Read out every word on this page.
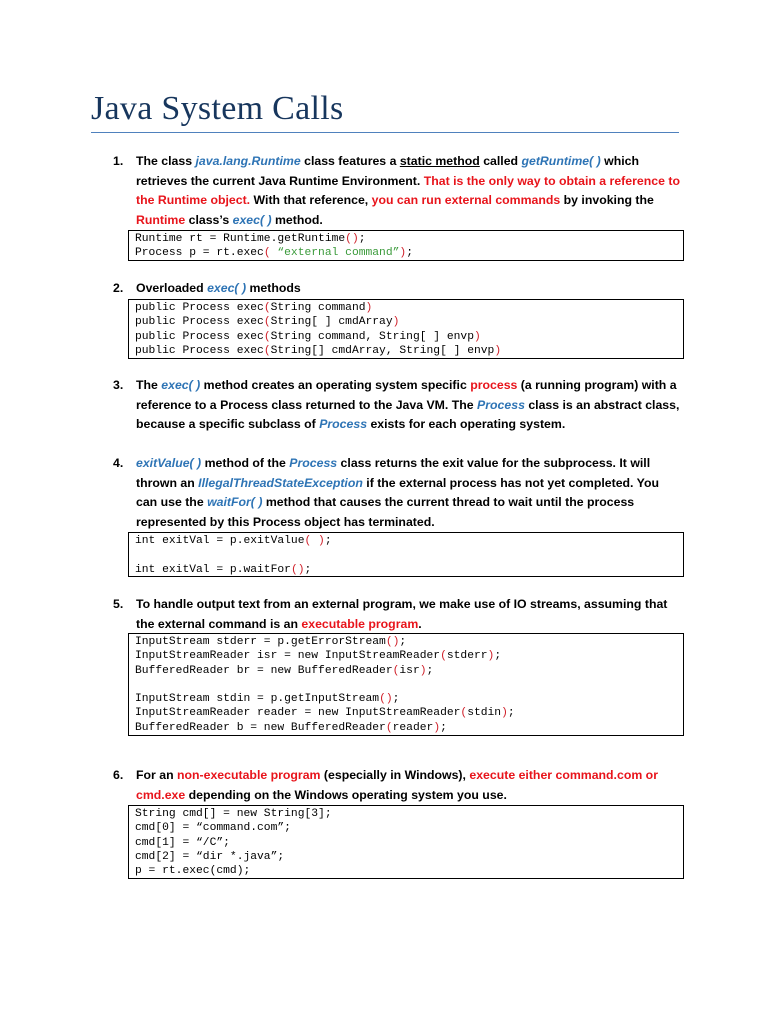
Java System Calls
1.	The class java.lang.Runtime class features a static method called getRuntime( ) which retrieves the current Java Runtime Environment. That is the only way to obtain a reference to the Runtime object. With that reference, you can run external commands by invoking the Runtime class’s exec( ) method.
Runtime rt = Runtime.getRuntime();
Process p = rt.exec( “external command”);
2.	Overloaded exec( ) methods
public Process exec(String command)
public Process exec(String[ ] cmdArray)
public Process exec(String command, String[ ] envp)
public Process exec(String[] cmdArray, String[ ] envp)
3.	The exec( ) method creates an operating system specific process (a running program) with a reference to a Process class returned to the Java VM. The Process class is an abstract class, because a specific subclass of Process exists for each operating system.
4.	exitValue( ) method of the Process class returns the exit value for the subprocess. It will thrown an IllegalThreadStateException if the external process has not yet completed. You can use the waitFor( ) method that causes the current thread to wait until the process represented by this Process object has terminated.
int exitVal = p.exitValue( );
int exitVal = p.waitFor();
5.	To handle output text from an external program, we make use of IO streams, assuming that the external command is an executable program.
InputStream stderr = p.getErrorStream();
InputStreamReader isr = new InputStreamReader(stderr);
BufferedReader br = new BufferedReader(isr);
InputStream stdin = p.getInputStream();
InputStreamReader reader = new InputStreamReader(stdin);
BufferedReader b = new BufferedReader(reader);
6.	For an non-executable program (especially in Windows), execute either command.com or cmd.exe depending on the Windows operating system you use.
String cmd[] = new String[3];
cmd[0] = “command.com”;
cmd[1] = “/C”;
cmd[2] = “dir *.java”;
p = rt.exec(cmd);
